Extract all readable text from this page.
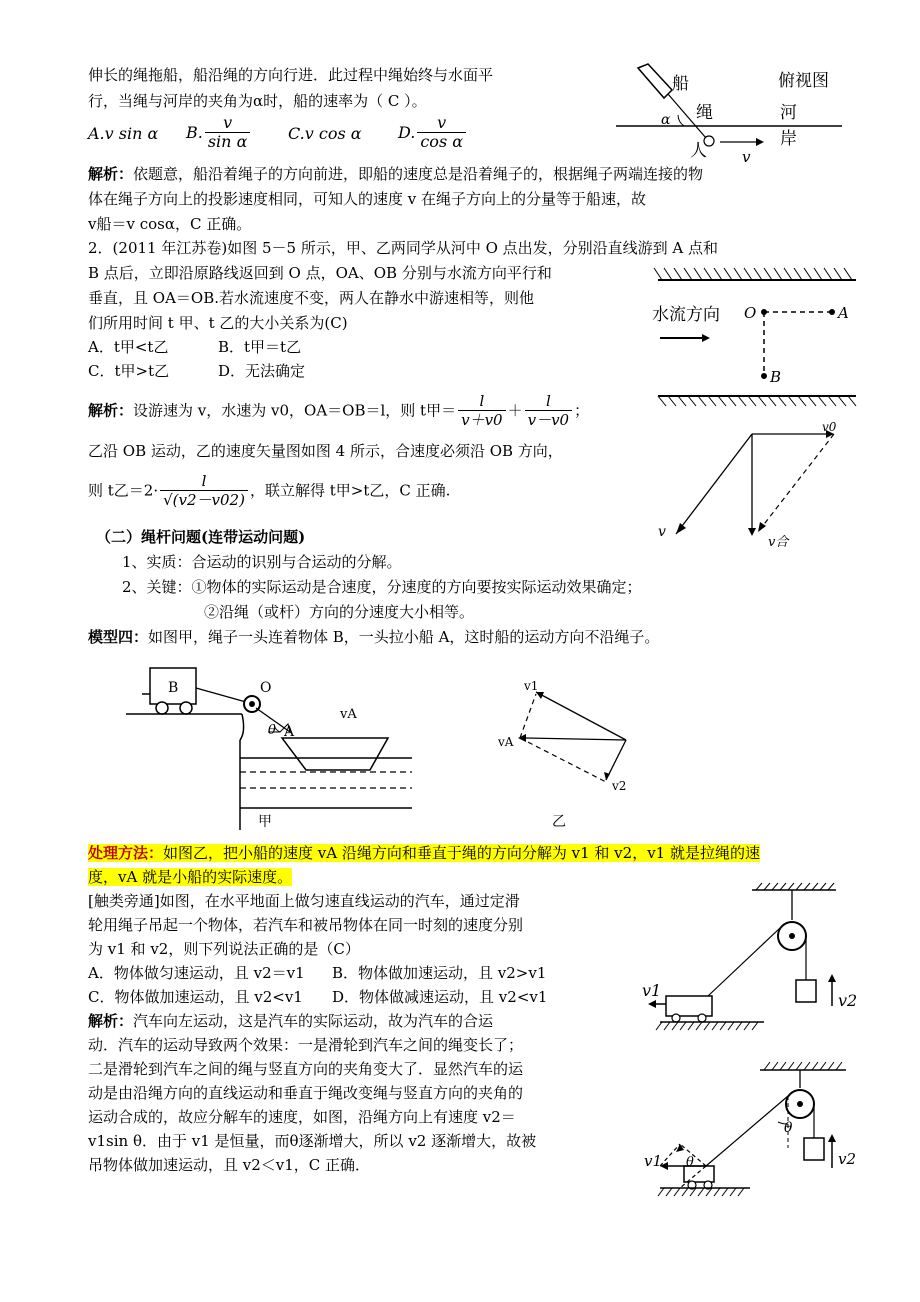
伸长的绳拖船，船沿绳的方向行进．此过程中绳始终与水面平
行，当绳与河岸的夹角为α时，船的速率为（ C ）。
A.v sin α B. $\frac{v}{\text{sin α}} C.v$ cos α D. $\frac{v}{\text{cos α}}$
解析：依题意，船沿着绳子的方向前进，即船的速度总是沿着绳子的，根据绳子两端连接的物
体在绳子方向上的投影速度相同，可知人的速度 v 在绳子方向上的分量等于船速，故
v船＝v cosα，C 正确。
船	俯视图
绳	河
α
岸
人 v
2．(2011 年江苏卷)如图 5－5 所示，甲、乙两同学从河中 O 点出发，分别沿直线游到 A 点和
B 点后，立即沿原路线返回到 O 点，OA、OB 分别与水流方向平行和
垂直，且 OA＝OB.若水流速度不变，两人在静水中游速相等，则他
们所用时间 t 甲、t 乙的大小关系为(C)
A．t甲<t乙	B．t甲＝t乙
C．t甲>t乙	D．无法确定
解析：设游速为 v，水速为 v0，OA＝OB＝l，则 t甲＝ $\frac{l}{v+v0} + \frac{l}{v-v0}$ ；
乙沿 OB 运动，乙的速度矢量图如图 4 所示，合速度必须沿 OB 方向，
则 t乙$=2\cdot \frac{l}{√(v2-v02)}$ ，联立解得 t甲>t乙，C 正确.
水流方向 O	A
B
v0
v
v合
（二）绳杆问题(连带运动问题)
1、实质：合运动的识别与合运动的分解。
2、关键：①物体的实际运动是合速度，分速度的方向要按实际运动效果确定；
②沿绳（或杆）方向的分速度大小相等。
模型四：如图甲，绳子一头连着物体 B，一头拉小船 A，这时船的运动方向不沿绳子。
B	O
θ A
vA
甲
v1
vA
v2
乙
处理方法：如图乙，把小船的速度 vA 沿绳方向和垂直于绳的方向分解为 v1 和 v2，v1 就是拉绳的速
度，vA 就是小船的实际速度。
[触类旁通]如图，在水平地面上做匀速直线运动的汽车，通过定滑
轮用绳子吊起一个物体，若汽车和被吊物体在同一时刻的速度分别
为 v1 和 v2，则下列说法正确的是（C）
A．物体做匀速运动，且 v2＝v1 B．物体做加速运动，且 v2>v1
C．物体做加速运动，且 v2<v1 D．物体做减速运动，且 v2<v1
解析：汽车向左运动，这是汽车的实际运动，故为汽车的合运
动．汽车的运动导致两个效果：一是滑轮到汽车之间的绳变长了；
二是滑轮到汽车之间的绳与竖直方向的夹角变大了．显然汽车的运
动是由沿绳方向的直线运动和垂直于绳改变绳与竖直方向的夹角的
运动合成的，故应分解车的速度，如图，沿绳方向上有速度 v2＝
v1sin θ．由于 v1 是恒量，而θ逐渐增大，所以 v2 逐渐增大，故被
吊物体做加速运动，且 v2＜v1，C 正确．
v1
v2
θ
θ
v1	v2
